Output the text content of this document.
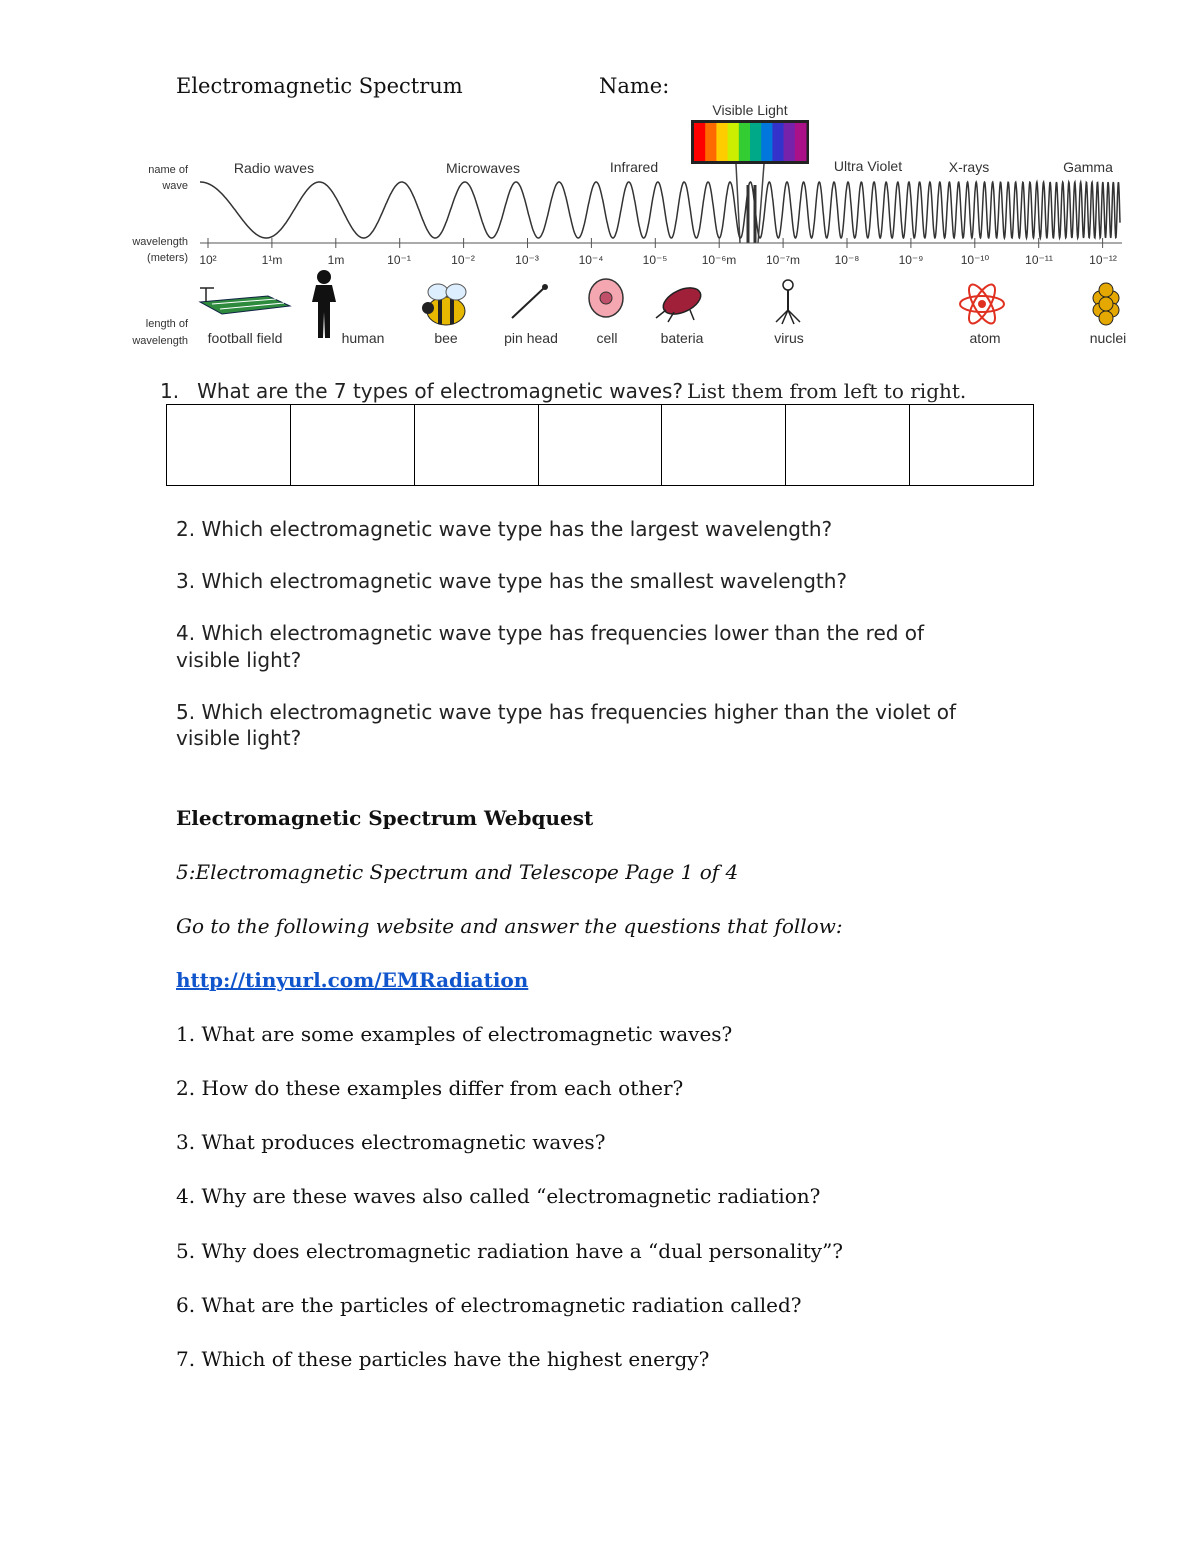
Electromagnetic Spectrum	Name:
Visible Light
name of
wave
wavelength
(meters)
length of
wavelength
Radio waves	Microwaves	Infrared	Ultra Violet	X-rays	Gamma
10²	1¹m	1m	10⁻¹	10⁻²	10⁻³	10⁻⁴	10⁻⁵	10⁻⁶m 10⁻⁷m	10⁻⁸	10⁻⁹	10⁻¹⁰	10⁻¹¹	10⁻¹²
football field	human	bee	pin head	cell	bateria	virus	atom	nuclei
1. What are the 7 types of electromagnetic waves? List them from left to right.
2. Which electromagnetic wave type has the largest wavelength?
3. Which electromagnetic wave type has the smallest wavelength?
4. Which electromagnetic wave type has frequencies lower than the red of
visible light?
5. Which electromagnetic wave type has frequencies higher than the violet of
visible light?
Electromagnetic Spectrum Webquest
5:Electromagnetic Spectrum and Telescope Page 1 of 4
Go to the following website and answer the questions that follow:
http://tinyurl.com/EMRadiation
1. What are some examples of electromagnetic waves?
2. How do these examples differ from each other?
3. What produces electromagnetic waves?
4. Why are these waves also called “electromagnetic radiation?
5. Why does electromagnetic radiation have a “dual personality”?
6. What are the particles of electromagnetic radiation called?
7. Which of these particles have the highest energy?
